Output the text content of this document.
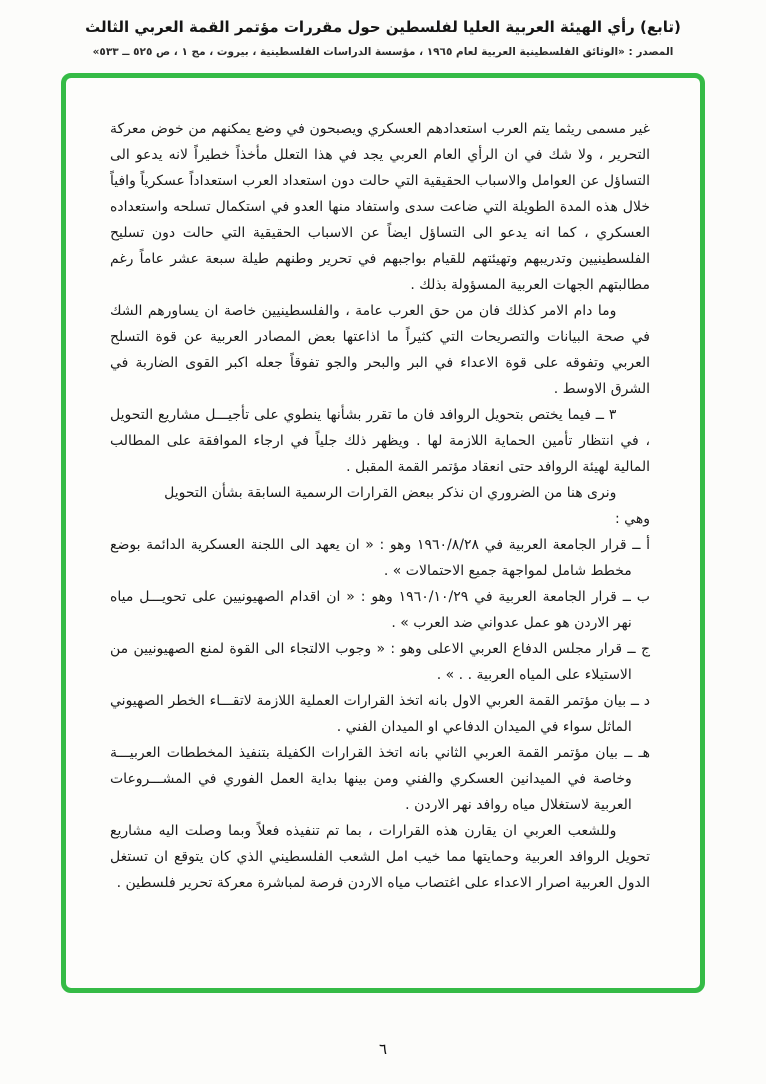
(تابع) رأي الهيئة العربية العليا لفلسطين حول مقررات مؤتمر القمة العربي الثالث
المصدر : «الوثائق الفلسطينية العربية لعام ١٩٦٥ ، مؤسسة الدراسات الفلسطينية ، بيروت ، مج ١ ، ص ٥٢٥ ــ ٥٣٣»

غير مسمى ريثما يتم العرب استعدادهم العسكري ويصبحون في وضع يمكنهم من خوض معركة التحرير ، ولا شك في ان الرأي العام العربي يجد في هذا التعلل مأخذاً خطيراً لانه يدعو الى التساؤل عن العوامل والاسباب الحقيقية التي حالت دون استعداد العرب استعداداً عسكرياً وافياً خلال هذه المدة الطويلة التي ضاعت سدى واستفاد منها العدو في استكمال تسلحه واستعداده العسكري ، كما انه يدعو الى التساؤل ايضاً عن الاسباب الحقيقية التي حالت دون تسليح الفلسطينيين وتدريبهم وتهيئتهم للقيام بواجبهم في تحرير وطنهم طيلة سبعة عشر عاماً رغم مطالبتهم الجهات العربية المسؤولة بذلك .

وما دام الامر كذلك فان من حق العرب عامة ، والفلسطينيين خاصة ان يساورهم الشك في صحة البيانات والتصريحات التي كثيراً ما اذاعتها بعض المصادر العربية عن قوة التسلح العربي وتفوقه على قوة الاعداء في البر والبحر والجو تفوقاً جعله اكبر القوى الضاربة في الشرق الاوسط .

٣ ــ فيما يختص بتحويل الروافد فان ما تقرر بشأنها ينطوي على تأجيـــل مشاريع التحويل ، في انتظار تأمين الحماية اللازمة لها . ويظهر ذلك جلياً في ارجاء الموافقة على المطالب المالية لهيئة الروافد حتى انعقاد مؤتمر القمة المقبل .

ونرى هنا من الضروري ان نذكر ببعض القرارات الرسمية السابقة بشأن التحويل

وهي :

أ ــ قرار الجامعة العربية في ١٩٦٠/٨/٢٨ وهو : « ان يعهد الى اللجنة العسكرية الدائمة بوضع مخطط شامل لمواجهة جميع الاحتمالات » .

ب ــ قرار الجامعة العربية في ١٩٦٠/١٠/٢٩ وهو : « ان اقدام الصهيونيين على تحويـــل مياه نهر الاردن هو عمل عدواني ضد العرب » .

ج ــ قرار مجلس الدفاع العربي الاعلى وهو : « وجوب الالتجاء الى القوة لمنع الصهيونيين من الاستيلاء على المياه العربية . . » .

د ــ بيان مؤتمر القمة العربي الاول بانه اتخذ القرارات العملية اللازمة لاتقـــاء الخطر الصهيوني الماثل سواء في الميدان الدفاعي او الميدان الفني .

هـ ــ بيان مؤتمر القمة العربي الثاني بانه اتخذ القرارات الكفيلة بتنفيذ المخططات العربيـــة وخاصة في الميدانين العسكري والفني ومن بينها بداية العمل الفوري في المشـــروعات العربية لاستغلال مياه روافد نهر الاردن .

وللشعب العربي ان يقارن هذه القرارات ، بما تم تنفيذه فعلاً وبما وصلت اليه مشاريع تحويل الروافد العربية وحمايتها مما خيب امل الشعب الفلسطيني الذي كان يتوقع ان تستغل الدول العربية اصرار الاعداء على اغتصاب مياه الاردن فرصة لمباشرة معركة تحرير فلسطين .

٦
